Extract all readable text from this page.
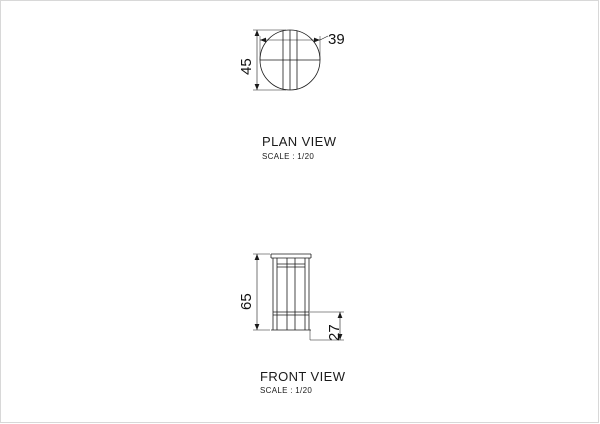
PLAN VIEW
SCALE : 1/20
FRONT VIEW
SCALE : 1/20
45
39
65
27
